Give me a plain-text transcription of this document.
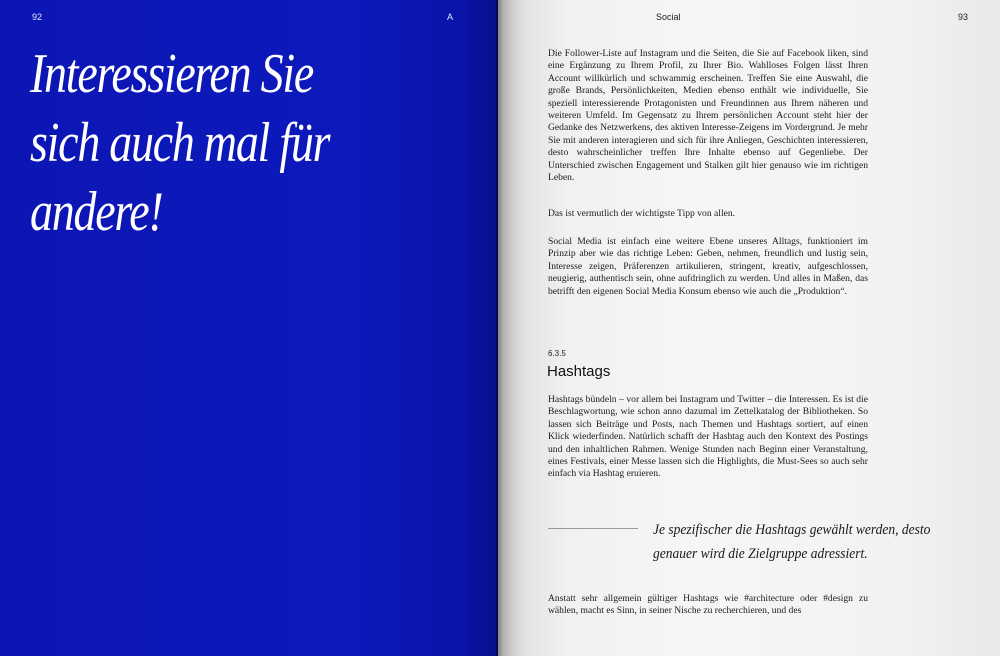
92	A
Interessieren Sie
sich auch mal für
andere!
Social	93

Die Follower-Liste auf Instagram und die Seiten, die Sie auf Facebook liken, sind eine Ergänzung zu Ihrem Profil, zu Ihrer Bio. Wahlloses Folgen lässt Ihren Account willkürlich und schwammig erscheinen. Treffen Sie eine Auswahl, die große Brands, Persönlichkeiten, Medien ebenso enthält wie individuelle, Sie speziell interessierende Protagonisten und Freundinnen aus Ihrem näheren und weiteren Umfeld. Im Gegensatz zu Ihrem persönlichen Account steht hier der Gedanke des Netzwerkens, des aktiven Interesse-Zeigens im Vordergrund. Je mehr Sie mit anderen interagieren und sich für ihre Anliegen, Geschichten interessieren, desto wahrscheinlicher treffen Ihre Inhalte ebenso auf Gegenliebe. Der Unterschied zwischen Engagement und Stalken gilt hier genauso wie im richtigen Leben.

Das ist vermutlich der wichtigste Tipp von allen.

Social Media ist einfach eine weitere Ebene unseres Alltags, funktioniert im Prinzip aber wie das richtige Leben: Geben, nehmen, freundlich und lustig sein, Interesse zeigen, Präferenzen artikulieren, stringent, kreativ, aufgeschlossen, neugierig, authentisch sein, ohne aufdringlich zu werden. Und alles in Maßen, das betrifft den eigenen Social Media Konsum ebenso wie auch die „Produktion“.

6.3.5
Hashtags

Hashtags bündeln – vor allem bei Instagram und Twitter – die Interessen. Es ist die Beschlagwortung, wie schon anno dazumal im Zettelkatalog der Bibliotheken. So lassen sich Beiträge und Posts, nach Themen und Hashtags sortiert, auf einen Klick wiederfinden. Natürlich schafft der Hashtag auch den Kontext des Postings und den inhaltlichen Rahmen. Wenige Stunden nach Beginn einer Veranstaltung, eines Festivals, einer Messe lassen sich die Highlights, die Must-Sees so auch sehr einfach via Hashtag eruieren.

Je spezifischer die Hashtags gewählt werden, desto genauer wird die Zielgruppe adressiert.

Anstatt sehr allgemein gültiger Hashtags wie #architecture oder #design zu wählen, macht es Sinn, in seiner Nische zu recherchieren, und des
